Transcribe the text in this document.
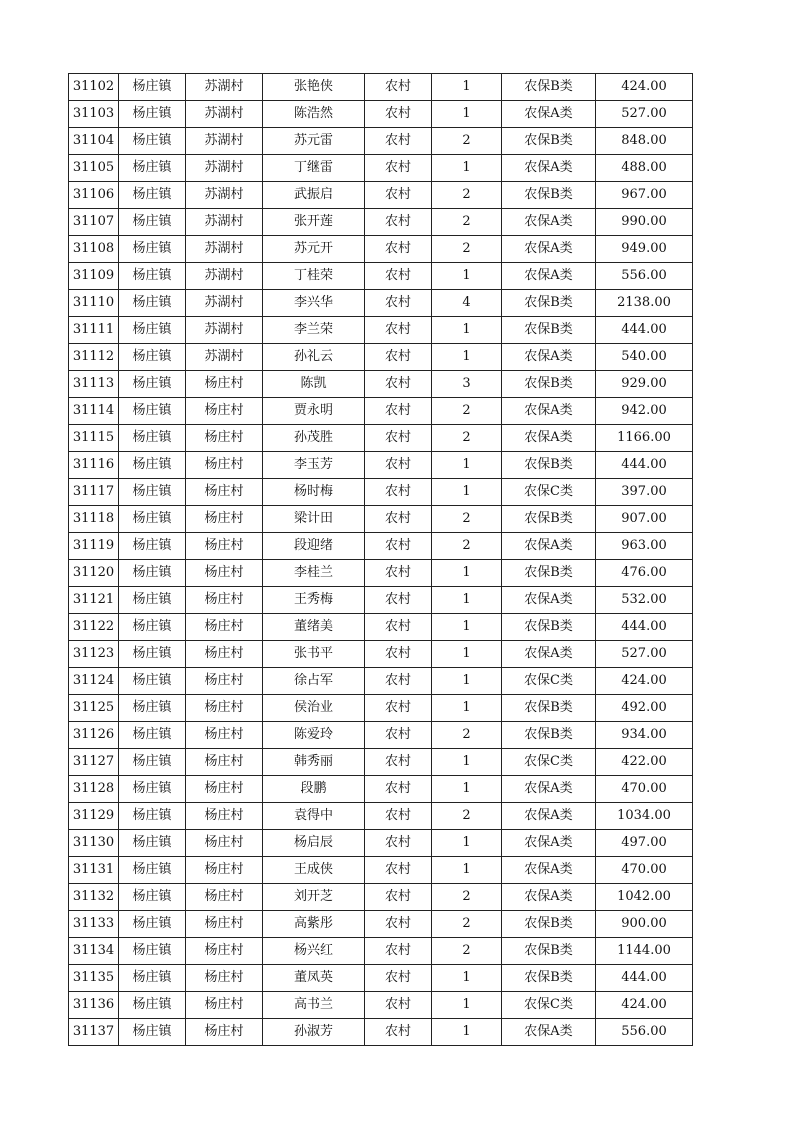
31102	杨庄镇	苏湖村	张艳侠	农村	1	农保B类	424.00
31103	杨庄镇	苏湖村	陈浩然	农村	1	农保A类	527.00
31104	杨庄镇	苏湖村	苏元雷	农村	2	农保B类	848.00
31105	杨庄镇	苏湖村	丁继雷	农村	1	农保A类	488.00
31106	杨庄镇	苏湖村	武振启	农村	2	农保B类	967.00
31107	杨庄镇	苏湖村	张开莲	农村	2	农保A类	990.00
31108	杨庄镇	苏湖村	苏元开	农村	2	农保A类	949.00
31109	杨庄镇	苏湖村	丁桂荣	农村	1	农保A类	556.00
31110	杨庄镇	苏湖村	李兴华	农村	4	农保B类	2138.00
31111	杨庄镇	苏湖村	李兰荣	农村	1	农保B类	444.00
31112	杨庄镇	苏湖村	孙礼云	农村	1	农保A类	540.00
31113	杨庄镇	杨庄村	陈凯	农村	3	农保B类	929.00
31114	杨庄镇	杨庄村	贾永明	农村	2	农保A类	942.00
31115	杨庄镇	杨庄村	孙茂胜	农村	2	农保A类	1166.00
31116	杨庄镇	杨庄村	李玉芳	农村	1	农保B类	444.00
31117	杨庄镇	杨庄村	杨时梅	农村	1	农保C类	397.00
31118	杨庄镇	杨庄村	梁计田	农村	2	农保B类	907.00
31119	杨庄镇	杨庄村	段迎绪	农村	2	农保A类	963.00
31120	杨庄镇	杨庄村	李桂兰	农村	1	农保B类	476.00
31121	杨庄镇	杨庄村	王秀梅	农村	1	农保A类	532.00
31122	杨庄镇	杨庄村	董绪美	农村	1	农保B类	444.00
31123	杨庄镇	杨庄村	张书平	农村	1	农保A类	527.00
31124	杨庄镇	杨庄村	徐占军	农村	1	农保C类	424.00
31125	杨庄镇	杨庄村	侯治业	农村	1	农保B类	492.00
31126	杨庄镇	杨庄村	陈爱玲	农村	2	农保B类	934.00
31127	杨庄镇	杨庄村	韩秀丽	农村	1	农保C类	422.00
31128	杨庄镇	杨庄村	段鹏	农村	1	农保A类	470.00
31129	杨庄镇	杨庄村	袁得中	农村	2	农保A类	1034.00
31130	杨庄镇	杨庄村	杨启辰	农村	1	农保A类	497.00
31131	杨庄镇	杨庄村	王成侠	农村	1	农保A类	470.00
31132	杨庄镇	杨庄村	刘开芝	农村	2	农保A类	1042.00
31133	杨庄镇	杨庄村	高紫彤	农村	2	农保B类	900.00
31134	杨庄镇	杨庄村	杨兴红	农村	2	农保B类	1144.00
31135	杨庄镇	杨庄村	董凤英	农村	1	农保B类	444.00
31136	杨庄镇	杨庄村	高书兰	农村	1	农保C类	424.00
31137	杨庄镇	杨庄村	孙淑芳	农村	1	农保A类	556.00
